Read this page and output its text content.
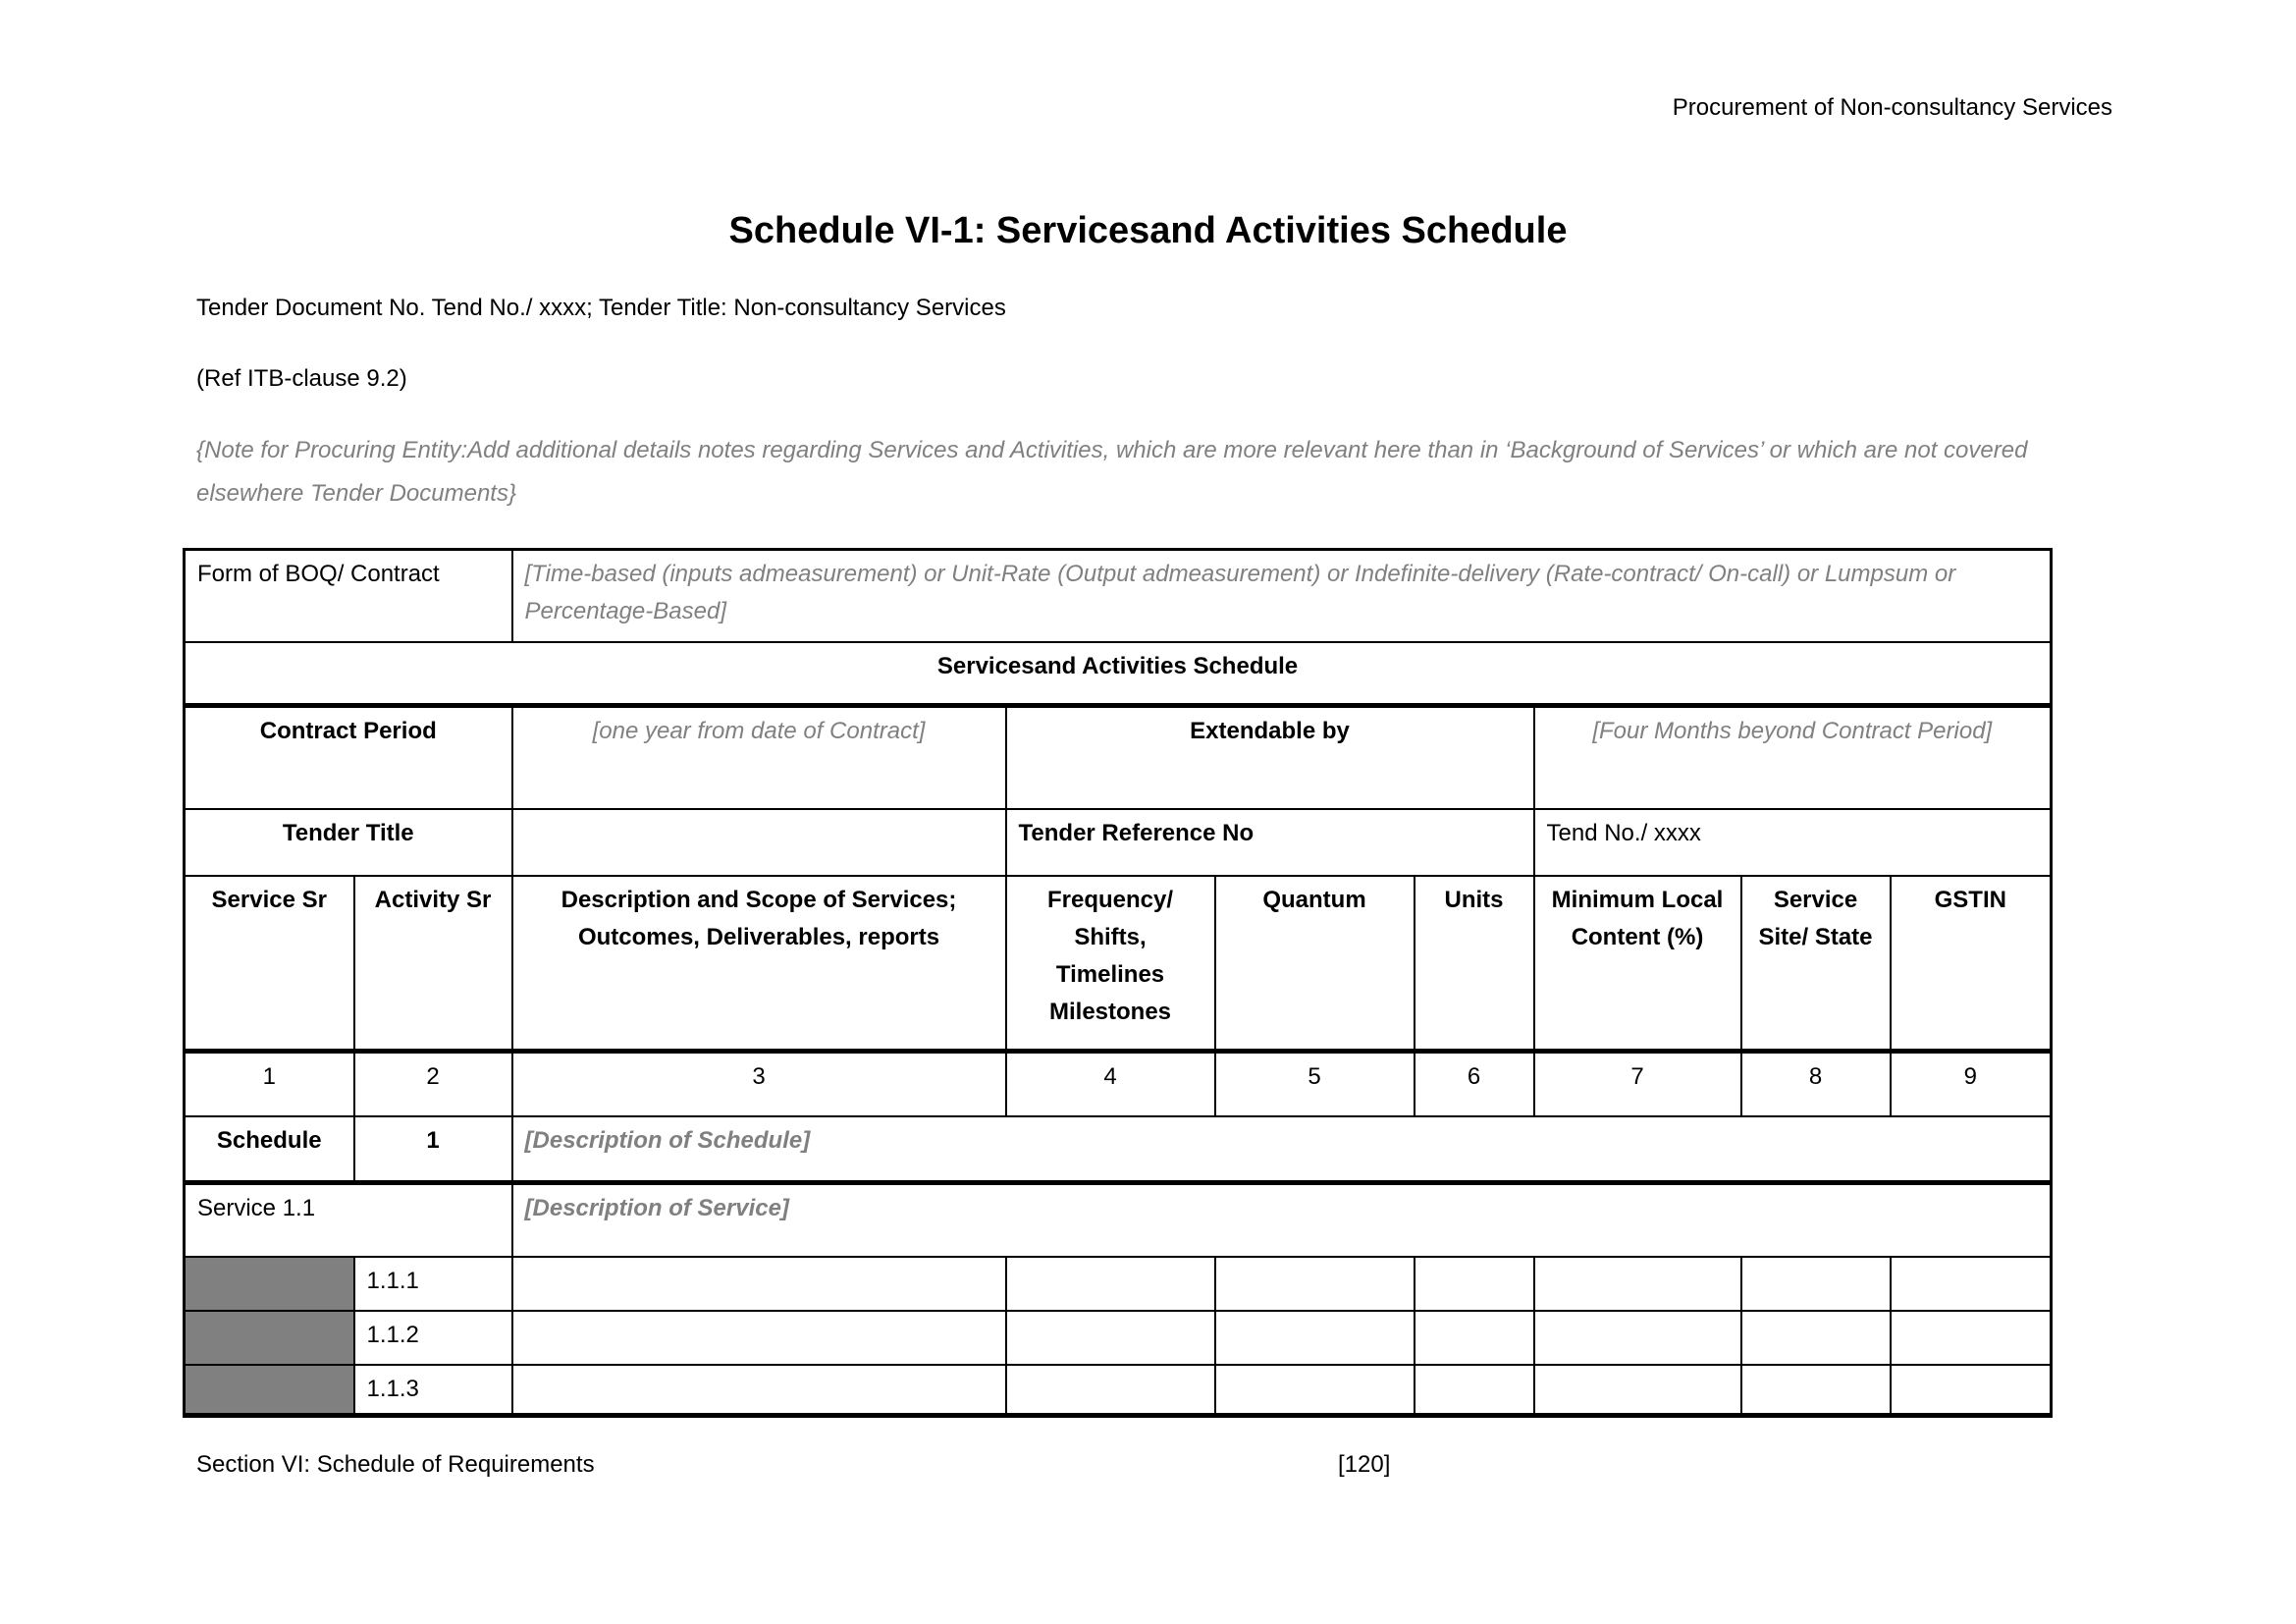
Procurement of Non-consultancy Services
Schedule VI-1: Servicesand Activities Schedule

Tender Document No. Tend No./ xxxx; Tender Title: Non-consultancy Services

(Ref ITB-clause 9.2)

{Note for Procuring Entity:Add additional details notes regarding Services and Activities, which are more relevant here than in ‘Background of Services’ or which are not covered elsewhere Tender Documents}

Form of BOQ/ Contract		[Time-based (inputs admeasurement) or Unit-Rate (Output admeasurement) or Indefinite-delivery (Rate-contract/ On-call) or Lumpsum or Percentage-Based]						
Servicesand Activities Schedule								
Contract Period		[one year from date of Contract]	Extendable by			[Four Months beyond Contract Period]		
Tender Title			Tender Reference No			Tend No./ xxxx		
Service Sr	Activity Sr	Description and Scope of Services; Outcomes, Deliverables, reports	Frequency/ Shifts, Timelines Milestones	Quantum	Units	Minimum Local Content (%)	Service Site/ State	GSTIN
1	2	3	4	5	6	7	8	9
Schedule	1	[Description of Schedule]						
Service 1.1		[Description of Service]						
	1.1.1							
	1.1.2							
	1.1.3							
Section VI: Schedule of Requirements	[120]
